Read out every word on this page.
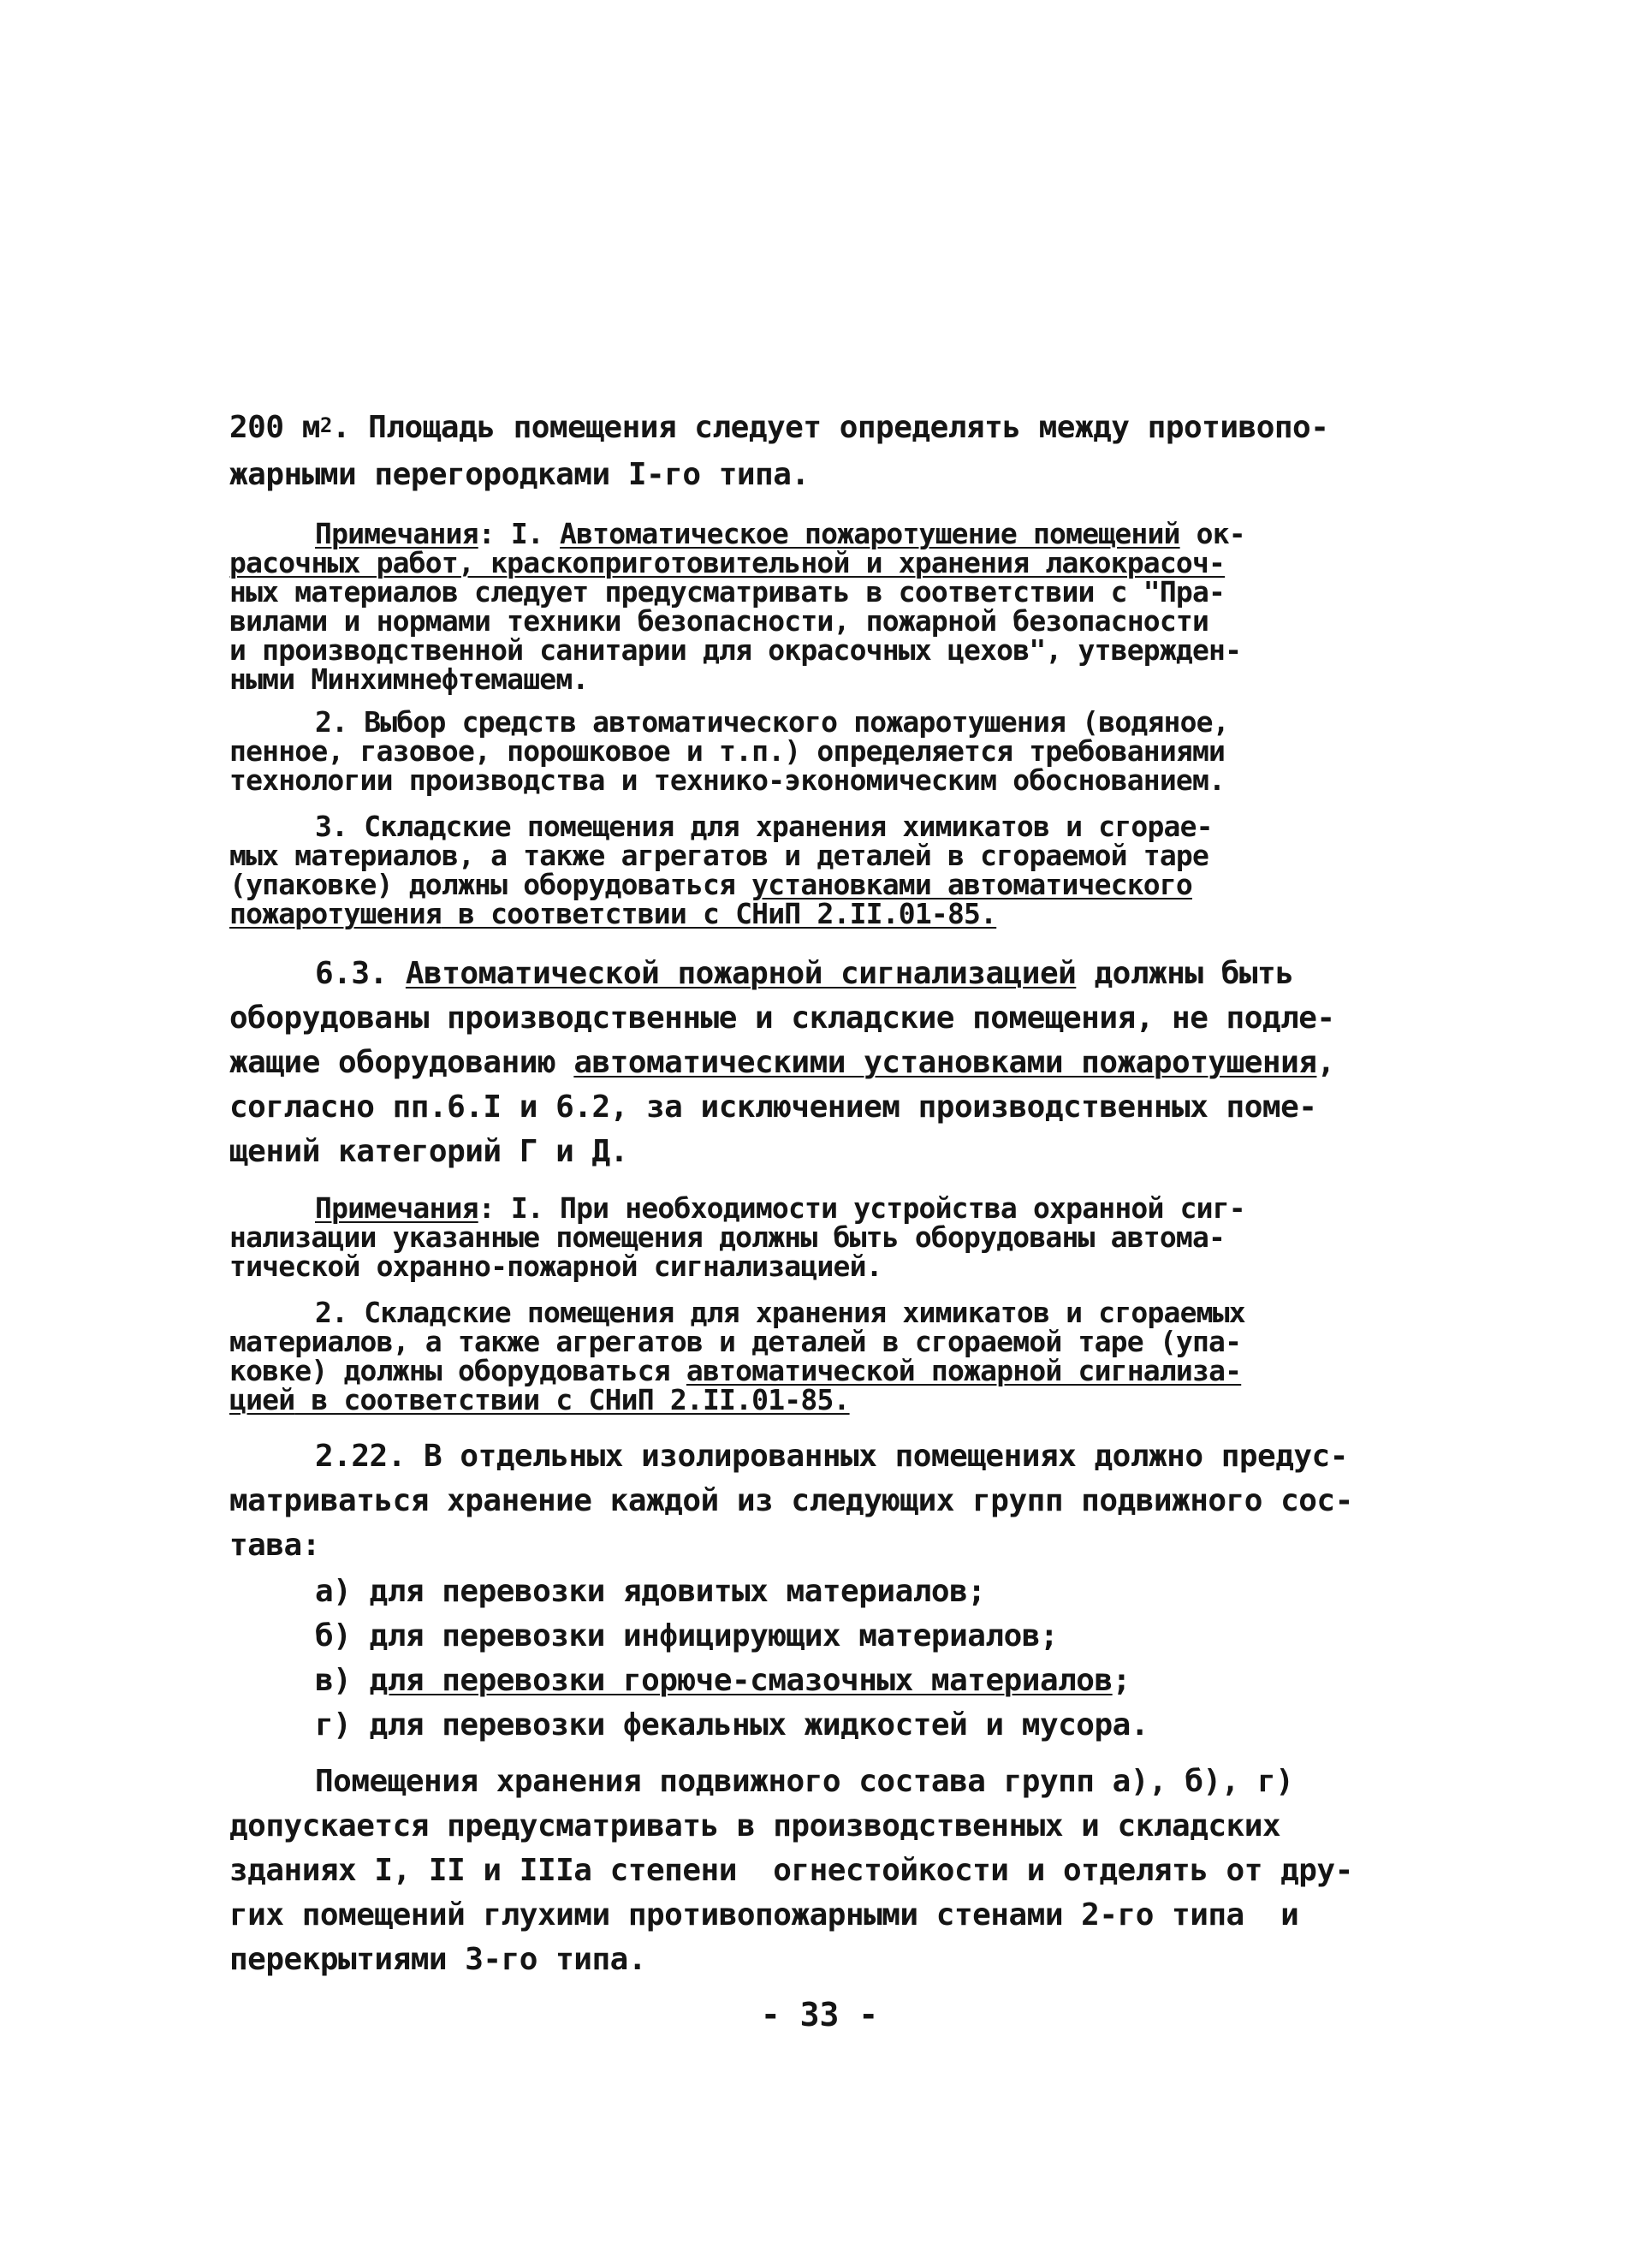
200 $м^2$. Площадь помещения следует определять между противопо-
жарными перегородками I-го типа.
Примечания: I. Автоматическое пожаротушение помещений ок-
расочных работ, краскоприготовительной и хранения лакокрасоч-
ных материалов следует предусматривать в соответствии с "Пра-
вилами и нормами техники безопасности, пожарной безопасности
и производственной санитарии для окрасочных цехов", утвержден-
ными Минхимнефтемашем.
2. Выбор средств автоматического пожаротушения (водяное,
пенное, газовое, порошковое и т.п.) определяется требованиями
технологии производства и технико-экономическим обоснованием.
3. Складские помещения для хранения химикатов и сгорае-
мых материалов, а также агрегатов и деталей в сгораемой таре
(упаковке) должны оборудоваться установками автоматического
пожаротушения в соответствии с СНиП 2.II.01-85.
6.3. Автоматической пожарной сигнализацией должны быть
оборудованы производственные и складские помещения, не подле-
жащие оборудованию автоматическими установками пожаротушения,
согласно пп.6.I и 6.2, за исключением производственных поме-
щений категорий Г и Д.
Примечания: I. При необходимости устройства охранной сиг-
нализации указанные помещения должны быть оборудованы автома-
тической охранно-пожарной сигнализацией.
2. Складские помещения для хранения химикатов и сгораемых
материалов, а также агрегатов и деталей в сгораемой таре (упа-
ковке) должны оборудоваться автоматической пожарной сигнализа-
цией в соответствии с СНиП 2.II.01-85.
2.22. В отдельных изолированных помещениях должно предус-
матриваться хранение каждой из следующих групп подвижного сос-
тава:
а) для перевозки ядовитых материалов;
б) для перевозки инфицирующих материалов;
в) для перевозки горюче-смазочных материалов;
г) для перевозки фекальных жидкостей и мусора.
Помещения хранения подвижного состава групп а), б), г)
допускается предусматривать в производственных и складских
зданиях I, II и IIIа степени  огнестойкости и отделять от дру-
гих помещений глухими противопожарными стенами 2-го типа  и
перекрытиями 3-го типа.
- 33 -
